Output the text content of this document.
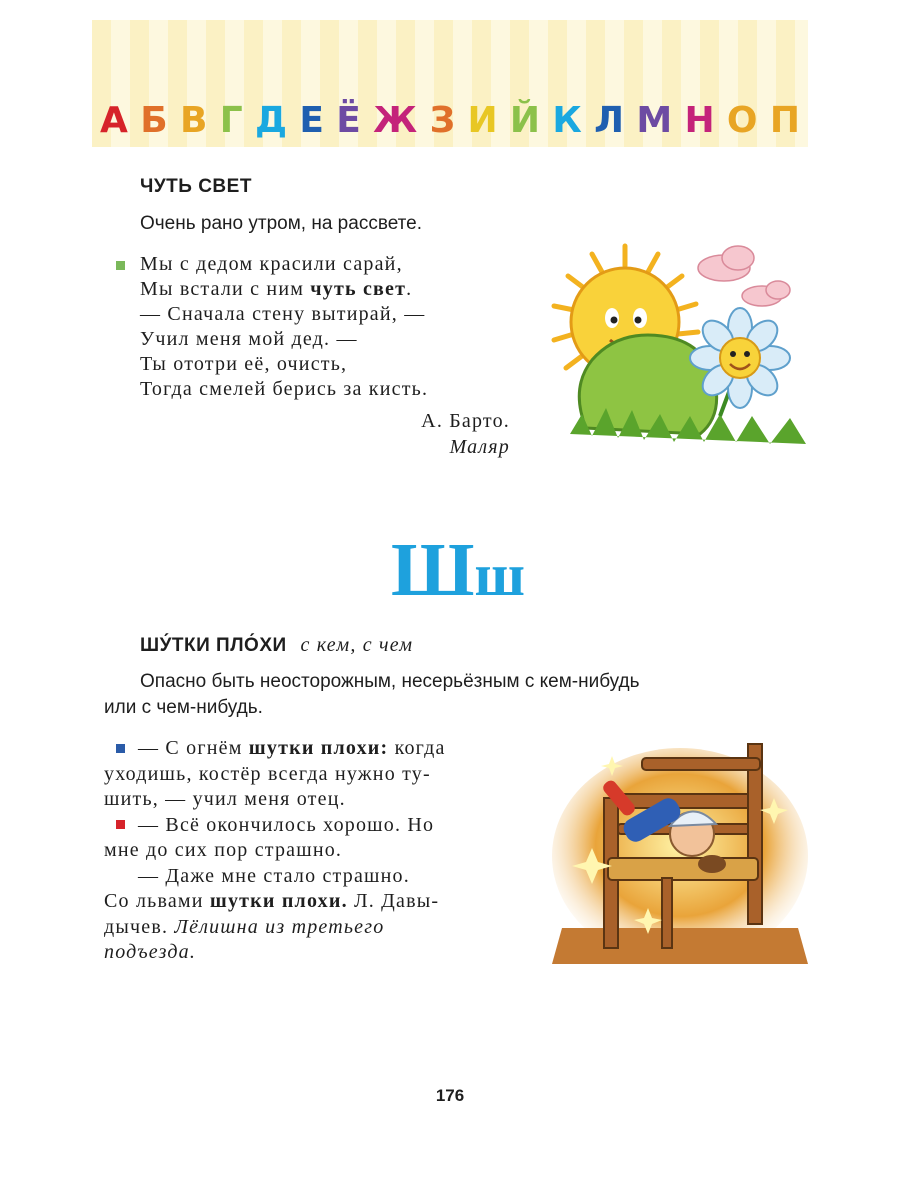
А Б В Г Д Е Ё Ж З И Й К Л М Н О П
ЧУТЬ СВЕТ
Очень рано утром, на рассвете.
Мы с дедом красили сарай,
Мы встали с ним чуть свет.
— Сначала стену вытирай, —
Учил меня мой дед. —
Ты ототри её, очисть,
Тогда смелей берись за кисть.
А. Барто.
Маляр
Шш
ШУ́ТКИ ПЛО́ХИ с кем, с чем
Опасно быть неосторожным, несерьёзным с кем-нибудь
или с чем-нибудь.
— С огнём шутки плохи: когда
уходишь, костёр всегда нужно ту-
шить, — учил меня отец.
— Всё окончилось хорошо. Но
мне до сих пор страшно.
— Даже мне стало страшно.
Со львами шутки плохи. Л. Давы-
дычев. Лёлишна из третьего
подъезда.
176
